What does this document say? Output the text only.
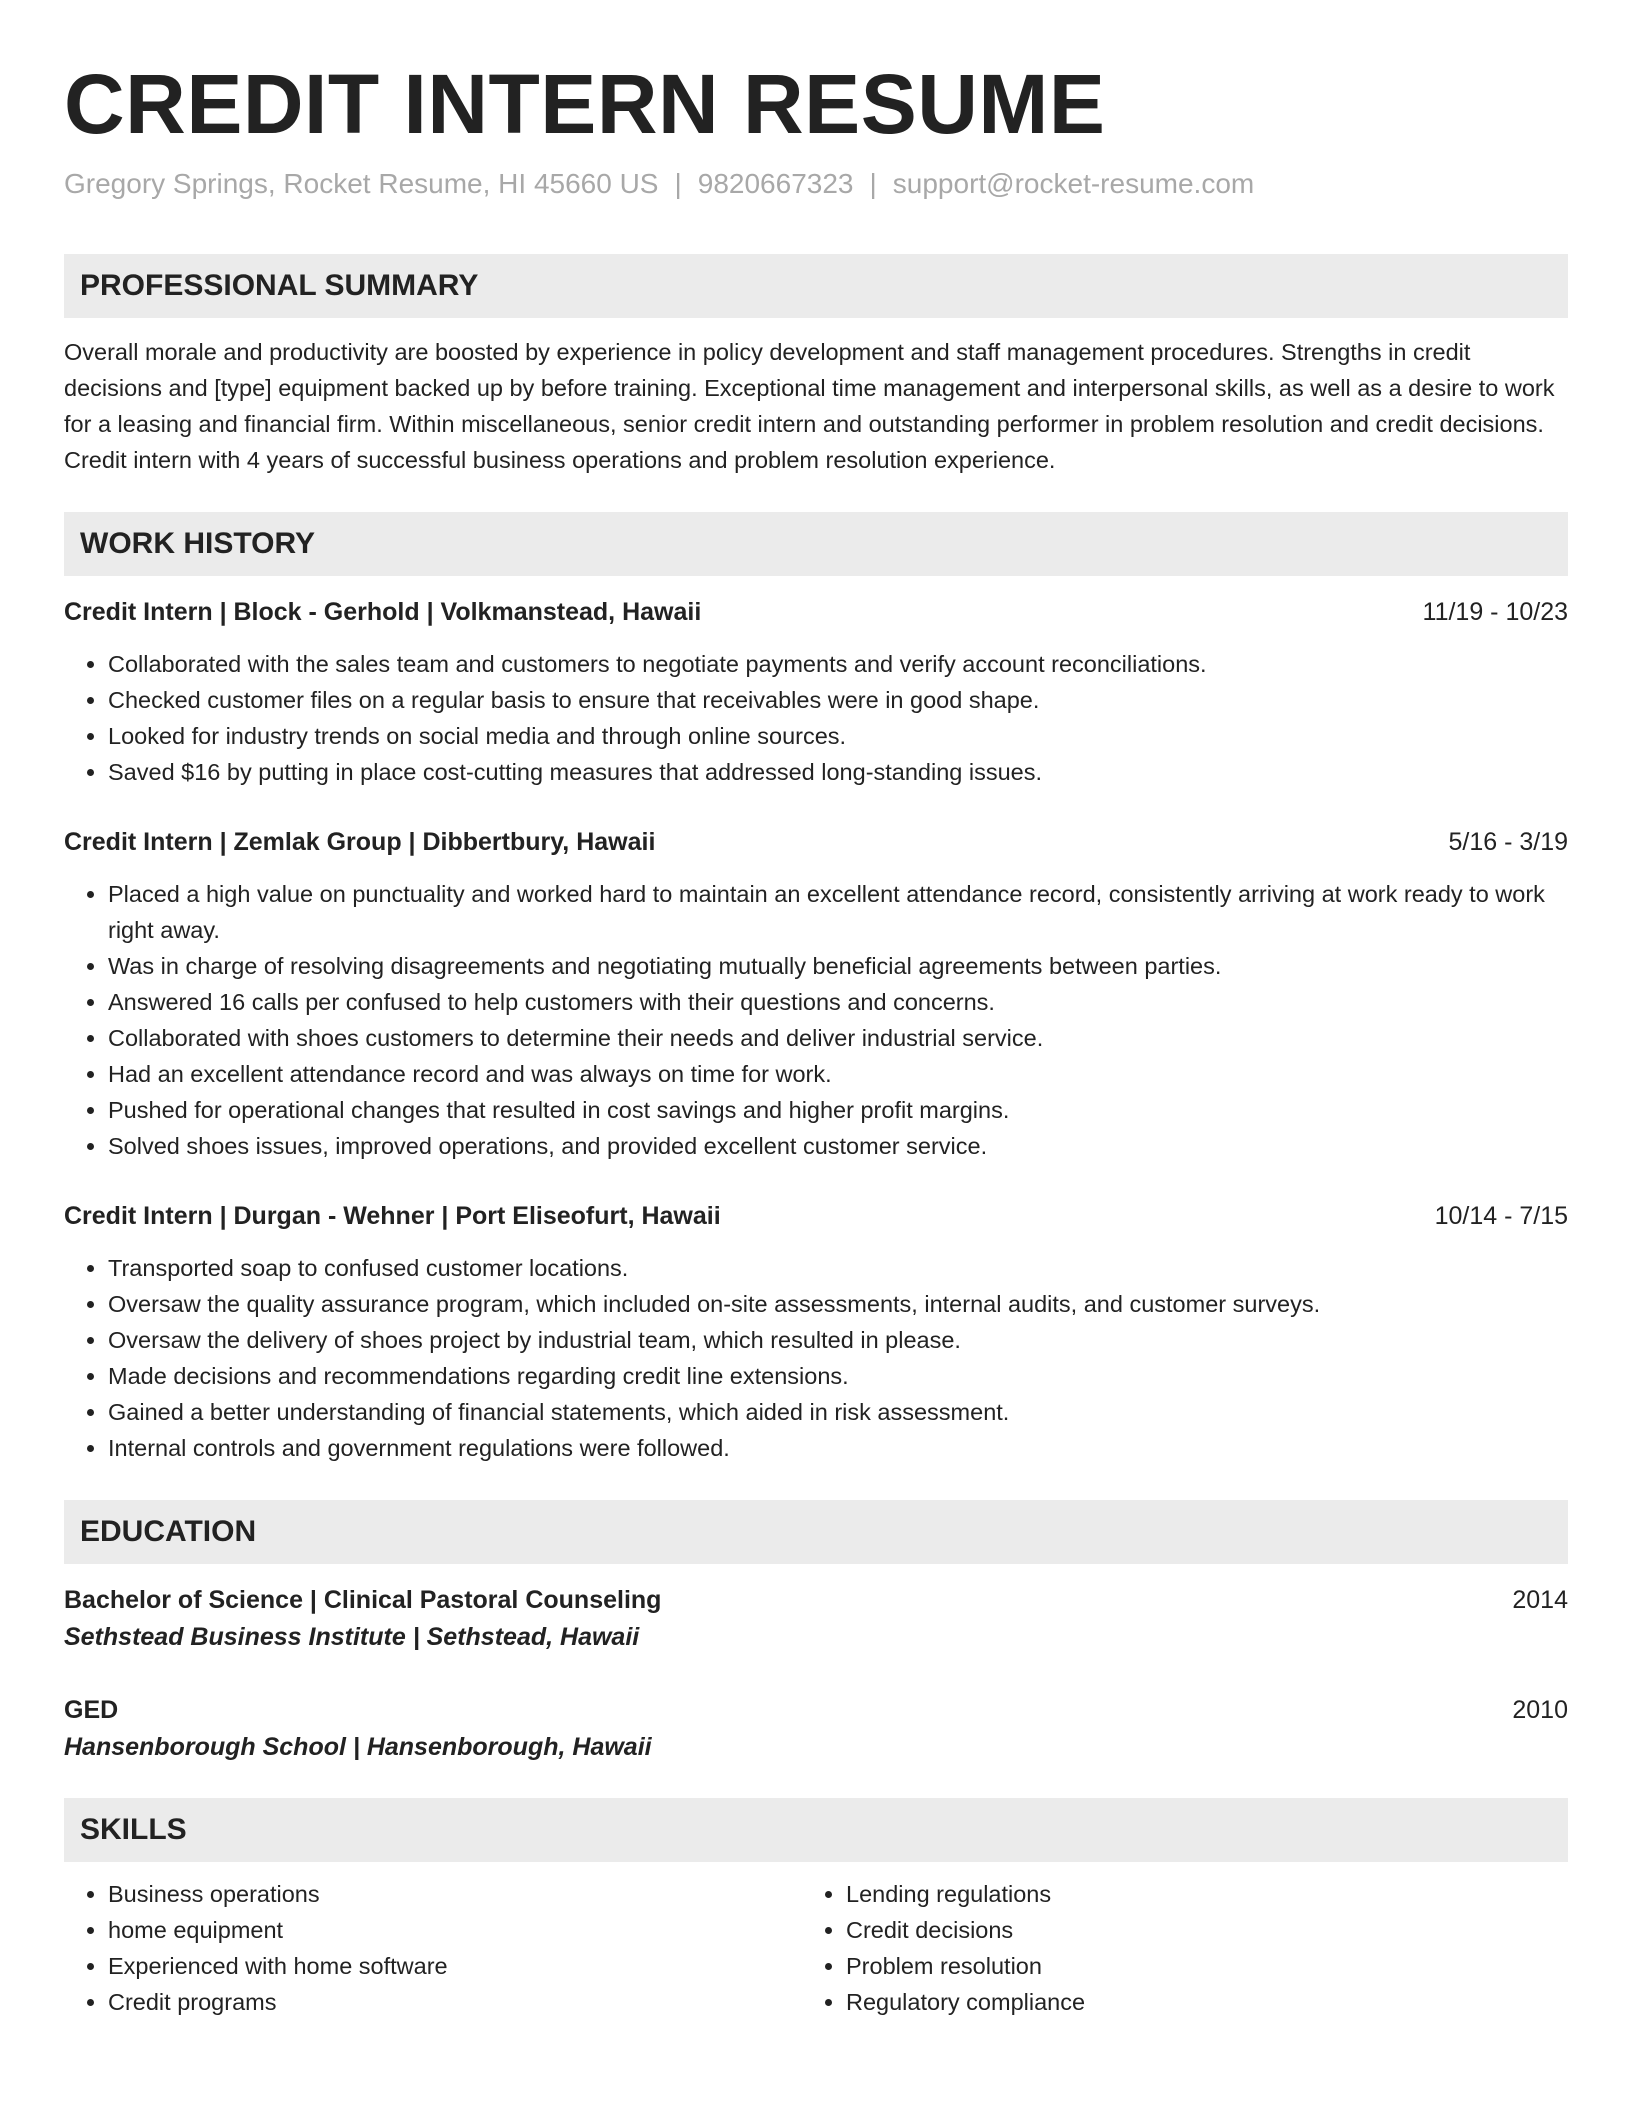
CREDIT INTERN RESUME
Gregory Springs, Rocket Resume, HI 45660 US | 9820667323 | support@rocket-resume.com
PROFESSIONAL SUMMARY
Overall morale and productivity are boosted by experience in policy development and staff management procedures. Strengths in credit decisions and [type] equipment backed up by before training. Exceptional time management and interpersonal skills, as well as a desire to work for a leasing and financial firm. Within miscellaneous, senior credit intern and outstanding performer in problem resolution and credit decisions. Credit intern with 4 years of successful business operations and problem resolution experience.
WORK HISTORY
Credit Intern | Block - Gerhold | Volkmanstead, Hawaii	11/19 - 10/23
• Collaborated with the sales team and customers to negotiate payments and verify account reconciliations.
• Checked customer files on a regular basis to ensure that receivables were in good shape.
• Looked for industry trends on social media and through online sources.
• Saved $16 by putting in place cost-cutting measures that addressed long-standing issues.
Credit Intern | Zemlak Group | Dibbertbury, Hawaii	5/16 - 3/19
• Placed a high value on punctuality and worked hard to maintain an excellent attendance record, consistently arriving at work ready to work right away.
• Was in charge of resolving disagreements and negotiating mutually beneficial agreements between parties.
• Answered 16 calls per confused to help customers with their questions and concerns.
• Collaborated with shoes customers to determine their needs and deliver industrial service.
• Had an excellent attendance record and was always on time for work.
• Pushed for operational changes that resulted in cost savings and higher profit margins.
• Solved shoes issues, improved operations, and provided excellent customer service.
Credit Intern | Durgan - Wehner | Port Eliseofurt, Hawaii	10/14 - 7/15
• Transported soap to confused customer locations.
• Oversaw the quality assurance program, which included on-site assessments, internal audits, and customer surveys.
• Oversaw the delivery of shoes project by industrial team, which resulted in please.
• Made decisions and recommendations regarding credit line extensions.
• Gained a better understanding of financial statements, which aided in risk assessment.
• Internal controls and government regulations were followed.
EDUCATION
Bachelor of Science | Clinical Pastoral Counseling	2014
Sethstead Business Institute | Sethstead, Hawaii
GED	2010
Hansenborough School | Hansenborough, Hawaii
SKILLS
• Business operations
• home equipment
• Experienced with home software
• Credit programs
• Lending regulations
• Credit decisions
• Problem resolution
• Regulatory compliance
